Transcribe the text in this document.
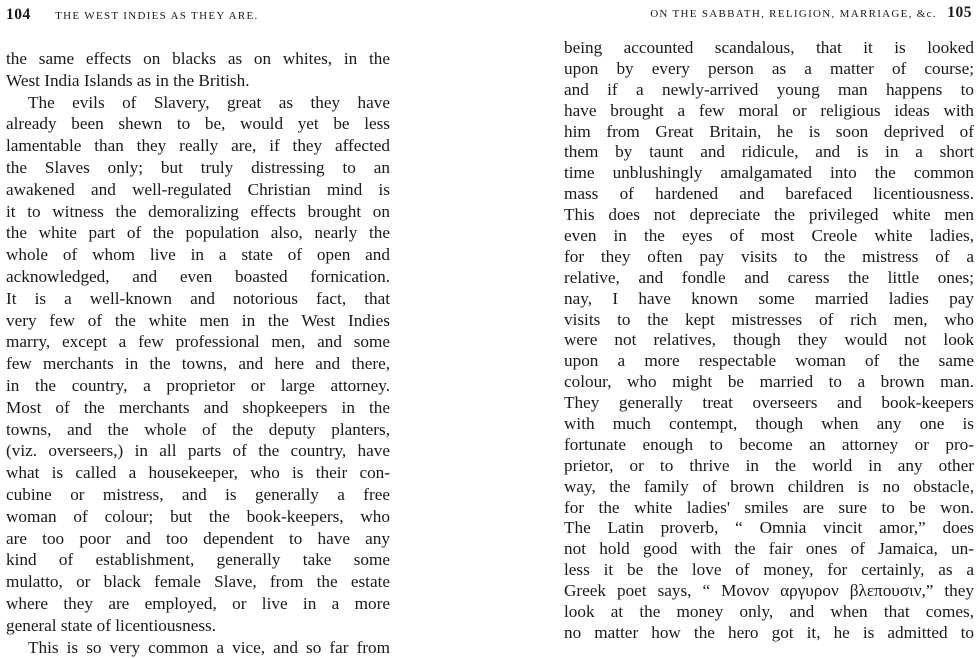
104 THE WEST INDIES AS THEY ARE.
the same effects on blacks as on whites, in the
West India Islands as in the British.
The evils of Slavery, great as they have
already been shewn to be, would yet be less
lamentable than they really are, if they affected
the Slaves only; but truly distressing to an
awakened and well-regulated Christian mind is
it to witness the demoralizing effects brought on
the white part of the population also, nearly the
whole of whom live in a state of open and
acknowledged, and even boasted fornication.
It is a well-known and notorious fact, that
very few of the white men in the West Indies
marry, except a few professional men, and some
few merchants in the towns, and here and there,
in the country, a proprietor or large attorney.
Most of the merchants and shopkeepers in the
towns, and the whole of the deputy planters,
(viz. overseers,) in all parts of the country, have
what is called a housekeeper, who is their con-
cubine or mistress, and is generally a free
woman of colour; but the book-keepers, who
are too poor and too dependent to have any
kind of establishment, generally take some
mulatto, or black female Slave, from the estate
where they are employed, or live in a more
general state of licentiousness.
This is so very common a vice, and so far from
ON THE SABBATH, RELIGION, MARRIAGE, &c. 105
being accounted scandalous, that it is looked
upon by every person as a matter of course;
and if a newly-arrived young man happens to
have brought a few moral or religious ideas with
him from Great Britain, he is soon deprived of
them by taunt and ridicule, and is in a short
time unblushingly amalgamated into the common
mass of hardened and barefaced licentiousness.
This does not depreciate the privileged white men
even in the eyes of most Creole white ladies,
for they often pay visits to the mistress of a
relative, and fondle and caress the little ones;
nay, I have known some married ladies pay
visits to the kept mistresses of rich men, who
were not relatives, though they would not look
upon a more respectable woman of the same
colour, who might be married to a brown man.
They generally treat overseers and book-keepers
with much contempt, though when any one is
fortunate enough to become an attorney or pro-
prietor, or to thrive in the world in any other
way, the family of brown children is no obstacle,
for the white ladies' smiles are sure to be won.
The Latin proverb, “ Omnia vincit amor,” does
not hold good with the fair ones of Jamaica, un-
less it be the love of money, for certainly, as a
Greek poet says, “ Μονον αργυρον βλεπουσιν,” they
look at the money only, and when that comes,
no matter how the hero got it, he is admitted to
